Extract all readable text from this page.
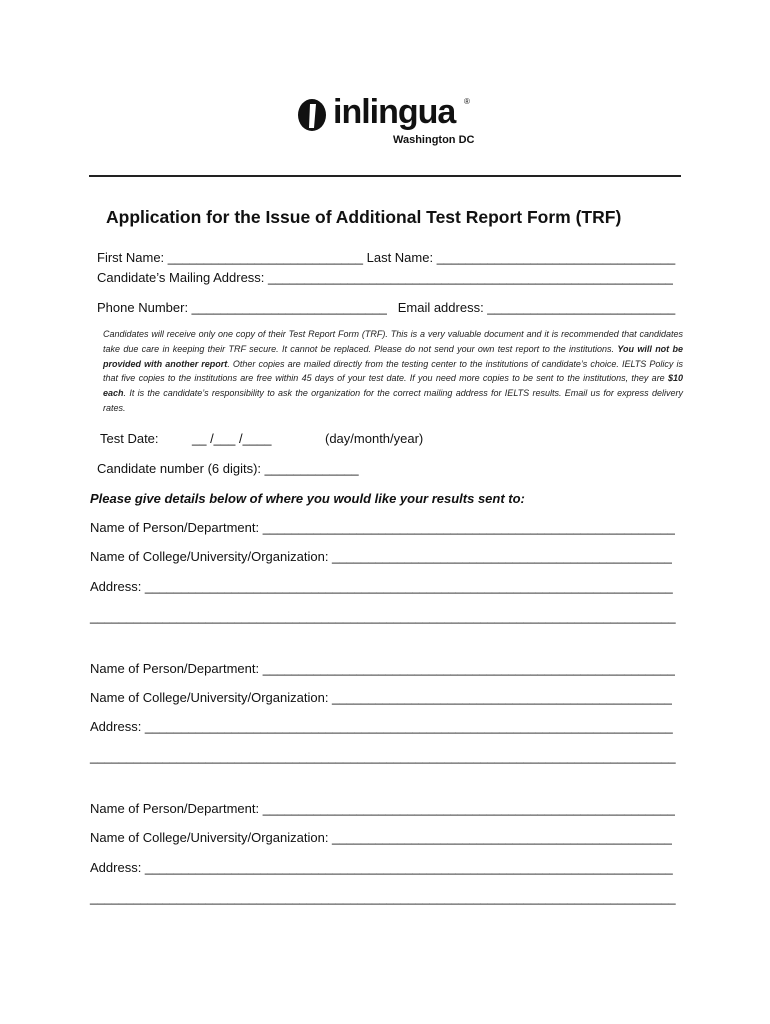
inlingua ®
Washington DC
Application for the Issue of Additional Test Report Form (TRF)
First Name: ___________________________ Last Name: _________________________________
Candidate’s Mailing Address: ________________________________________________________
Phone Number: ___________________________   Email address: __________________________
Candidates will receive only one copy of their Test Report Form (TRF). This is a very valuable document and it is recommended that candidates take due care in keeping their TRF secure. It cannot be replaced. Please do not send your own test report to the institutions. You will not be provided with another report. Other copies are mailed directly from the testing center to the institutions of candidate’s choice. IELTS Policy is that five copies to the institutions are free within 45 days of your test date. If you need more copies to be sent to the institutions, they are $10 each. It is the candidate’s responsibility to ask the organization for the correct mailing address for IELTS results. Email us for express delivery rates.
Test Date:	__ /___ /____	(day/month/year)
Candidate number (6 digits): _____________
Please give details below of where you would like your results sent to:
Name of Person/Department: _________________________________________________________
Name of College/University/Organization: _______________________________________________
Address: _________________________________________________________________________
_________________________________________________________________________________
Name of Person/Department: _________________________________________________________
Name of College/University/Organization: _______________________________________________
Address: _________________________________________________________________________
_________________________________________________________________________________
Name of Person/Department: _________________________________________________________
Name of College/University/Organization: _______________________________________________
Address: _________________________________________________________________________
_________________________________________________________________________________
